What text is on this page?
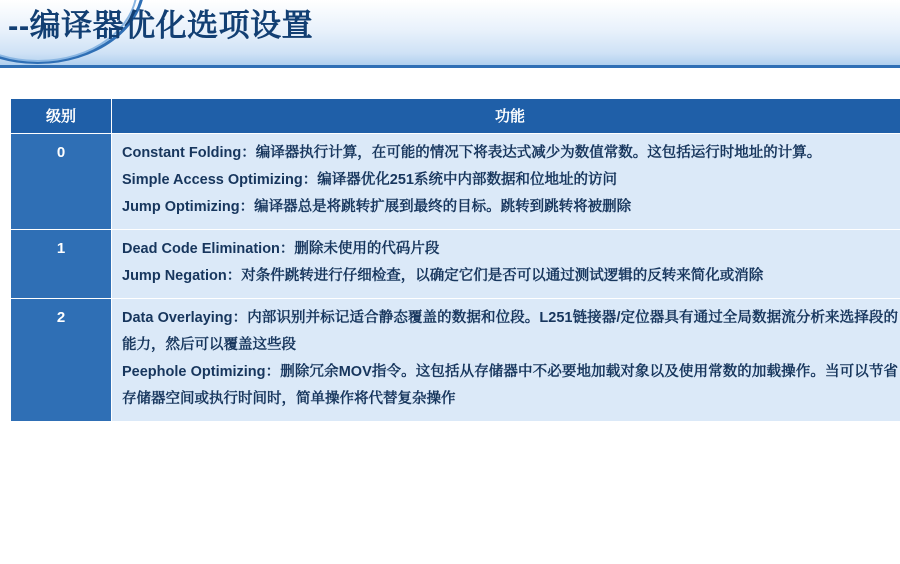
--编译器优化选项设置
级别	功能
0	Constant Folding：编译器执行计算，在可能的情况下将表达式减少为数值常数。这包括运行时地址的计算。
Simple Access Optimizing：编译器优化251系统中内部数据和位地址的访问
Jump Optimizing：编译器总是将跳转扩展到最终的目标。跳转到跳转将被删除

1	Dead Code Elimination：删除未使用的代码片段
Jump Negation：对条件跳转进行仔细检查，以确定它们是否可以通过测试逻辑的反转来简化或消除

2	Data Overlaying：内部识别并标记适合静态覆盖的数据和位段。L251链接器/定位器具有通过全局数据流分析来选择段的能力，然后可以覆盖这些段
Peephole Optimizing：删除冗余MOV指令。这包括从存储器中不必要地加载对象以及使用常数的加载操作。当可以节省存储器空间或执行时间时，简单操作将代替复杂操作
